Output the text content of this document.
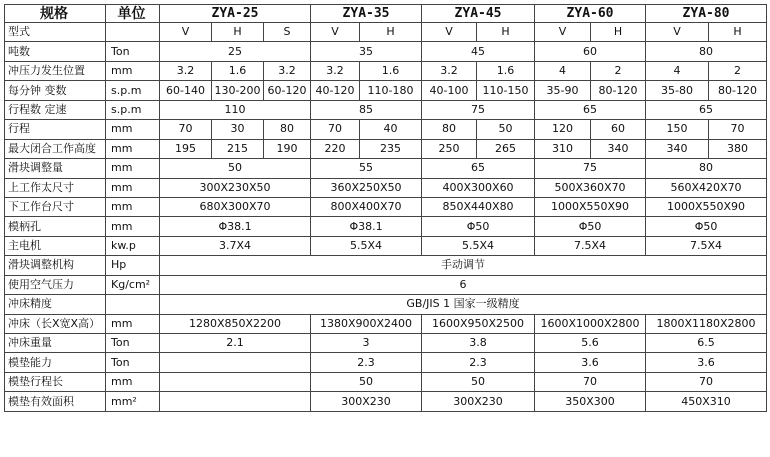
规格	单位	ZYA-25			ZYA-35		ZYA-45		ZYA-60		ZYA-80	
型式		V	H	S	V	H	V	H	V	H	V	H
吨数	Ton	25			35		45		60		80	
冲压力发生位置	mm	3.2	1.6	3.2	3.2	1.6	3.2	1.6	4	2	4	2
每分钟 变数	s.p.m	60-140	130-200	60-120	40-120	110-180	40-100	110-150	35-90	80-120	35-80	80-120
行程数 定速	s.p.m	110			85		75		65		65	
行程	mm	70	30	80	70	40	80	50	120	60	150	70
最大闭合工作高度	mm	195	215	190	220	235	250	265	310	340	340	380
滑块调整量	mm	50			55		65		75		80	
上工作太尺寸	mm	300X230X50			360X250X50		400X300X60		500X360X70		560X420X70	
下工作台尺寸	mm	680X300X70			800X400X70		850X440X80		1000X550X90		1000X550X90	
模柄孔	mm	Φ38.1			Φ38.1		Φ50		Φ50		Φ50	
主电机	kw.p	3.7X4			5.5X4		5.5X4		7.5X4		7.5X4	
滑块调整机构	Hp	手动调节										
使用空气压力	Kg/cm²	6										
冲床精度		GB/JIS 1 国家一级精度										
冲床（长X宽X高）	mm	1280X850X2200			1380X900X2400		1600X950X2500		1600X1000X2800		1800X1180X2800	
冲床重量	Ton	2.1			3		3.8		5.6		6.5	
模垫能力	Ton				2.3		2.3		3.6		3.6	
模垫行程长	mm				50		50		70		70	
模垫有效面积	mm²				300X230		300X230		350X300		450X310	
